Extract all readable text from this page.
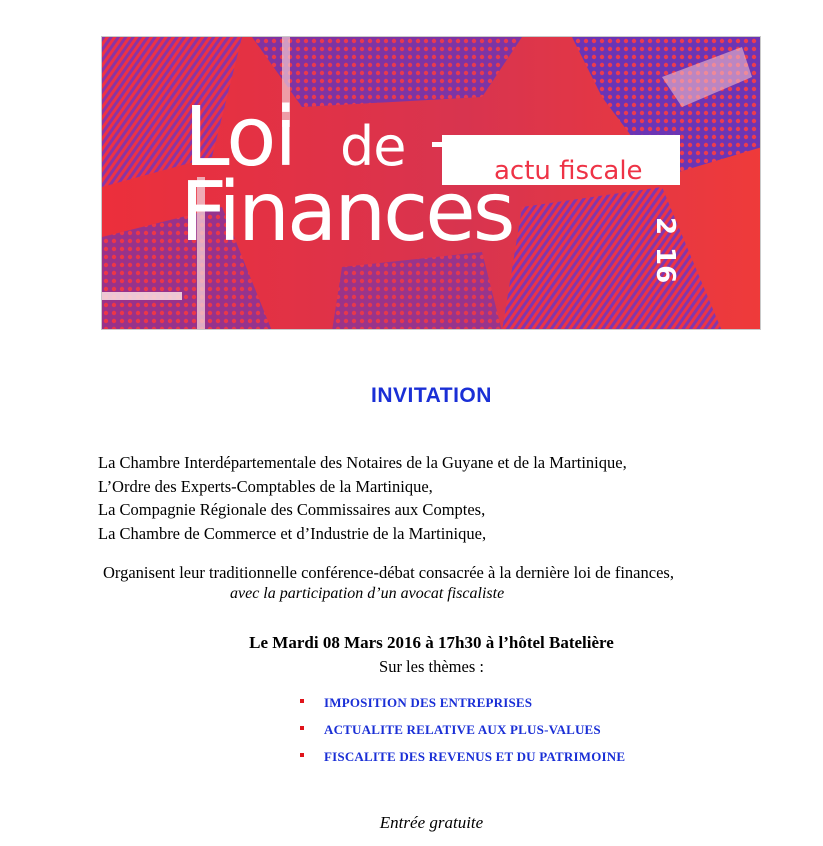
Loi de	actu fiscale
Finances	2
16
INVITATION
La Chambre Interdépartementale des Notaires de la Guyane et de la Martinique,
L’Ordre des Experts-Comptables de la Martinique,
La Compagnie Régionale des Commissaires aux Comptes,
La Chambre de Commerce et d’Industrie de la Martinique,
Organisent leur traditionnelle conférence-débat consacrée à la dernière loi de finances,
avec la participation d’un avocat fiscaliste
Le Mardi 08 Mars 2016 à 17h30 à l’hôtel Batelière
Sur les thèmes :
IMPOSITION DES ENTREPRISES
ACTUALITE RELATIVE AUX PLUS-VALUES
FISCALITE DES REVENUS ET DU PATRIMOINE
Entrée gratuite
